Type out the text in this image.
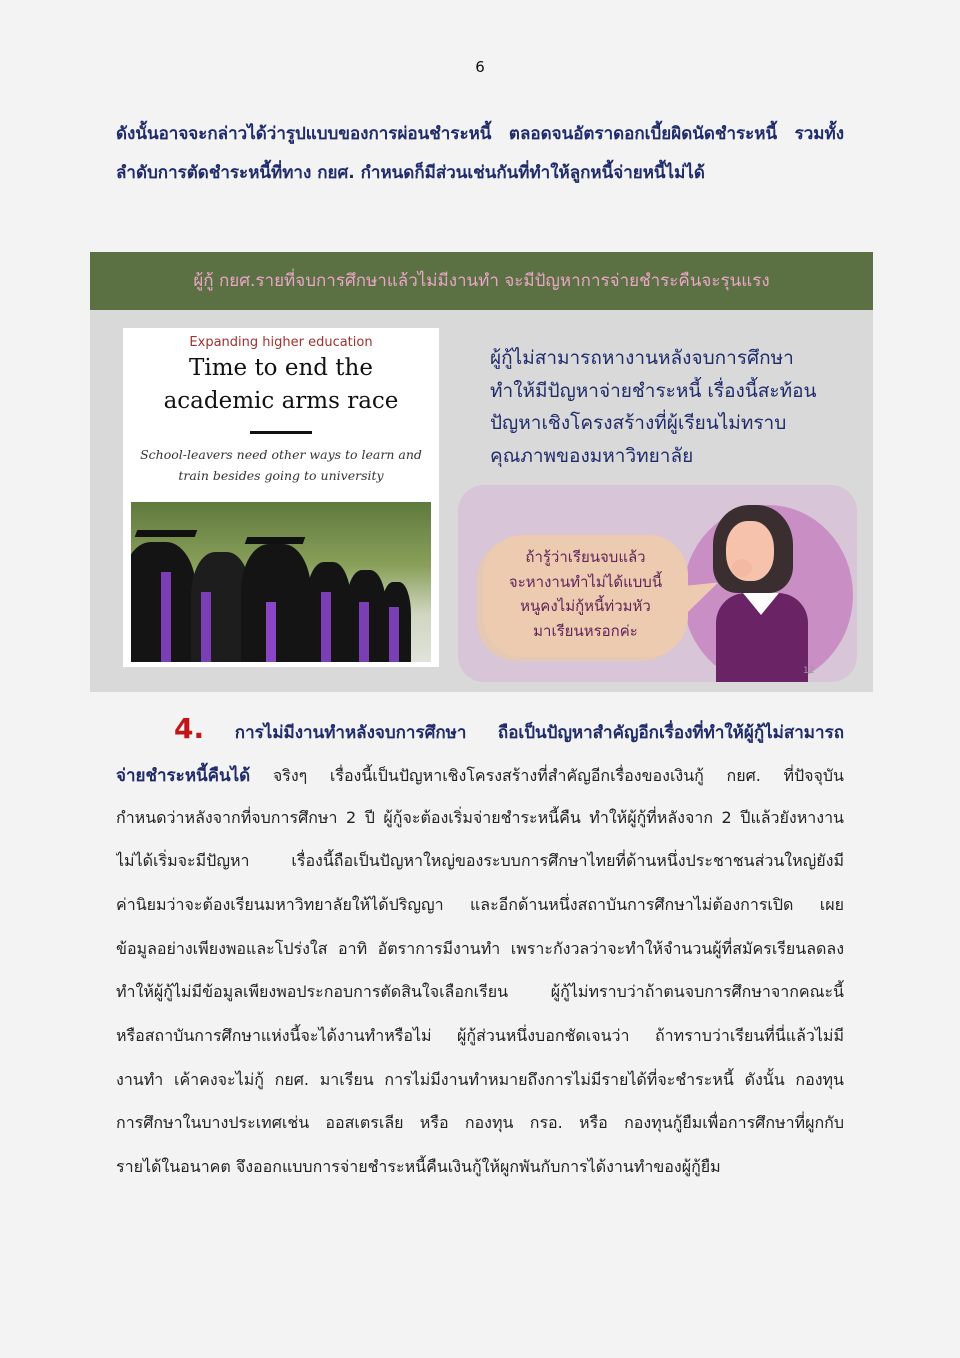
6
ดังนั้นอาจจะกล่าวได้ว่ารูปแบบของการผ่อนชำระหนี้ ตลอดจนอัตราดอกเบี้ยผิดนัดชำระหนี้ รวมทั้ง
ลำดับการตัดชำระหนี้ที่ทาง กยศ. กำหนดก็มีส่วนเช่นกันที่ทำให้ลูกหนี้จ่ายหนี้ไม่ได้
ผู้กู้ กยศ.รายที่จบการศึกษาแล้วไม่มีงานทำ จะมีปัญหาการจ่ายชำระคืนจะรุนแรง
Expanding higher education
Time to end the
academic arms race
School-leavers need other ways to learn and
train besides going to university
ผู้กู้ไม่สามารถหางานหลังจบการศึกษา
ทำให้มีปัญหาจ่ายชำระหนี้ เรื่องนี้สะท้อน
ปัญหาเชิงโครงสร้างที่ผู้เรียนไม่ทราบ
คุณภาพของมหาวิทยาลัย
ถ้ารู้ว่าเรียนจบแล้ว
จะหางานทำไม่ได้แบบนี้
หนูคงไม่กู้หนี้ท่วมหัว
มาเรียนหรอกค่ะ
12
4. การไม่มีงานทำหลังจบการศึกษา ถือเป็นปัญหาสำคัญอีกเรื่องที่ทำให้ผู้กู้ไม่สามารถ
จ่ายชำระหนี้คืนได้ จริงๆ เรื่องนี้เป็นปัญหาเชิงโครงสร้างที่สำคัญอีกเรื่องของเงินกู้ กยศ. ที่ปัจจุบัน
กำหนดว่าหลังจากที่จบการศึกษา 2 ปี ผู้กู้จะต้องเริ่มจ่ายชำระหนี้คืน ทำให้ผู้กู้ที่หลังจาก 2 ปีแล้วยังหางาน
ไม่ได้เริ่มจะมีปัญหา เรื่องนี้ถือเป็นปัญหาใหญ่ของระบบการศึกษาไทยที่ด้านหนึ่งประชาชนส่วนใหญ่ยังมี
ค่านิยมว่าจะต้องเรียนมหาวิทยาลัยให้ได้ปริญญา และอีกด้านหนึ่งสถาบันการศึกษาไม่ต้องการเปิด เผย
ข้อมูลอย่างเพียงพอและโปร่งใส อาทิ อัตราการมีงานทำ เพราะกังวลว่าจะทำให้จำนวนผู้ที่สมัครเรียนลดลง
ทำให้ผู้กู้ไม่มีข้อมูลเพียงพอประกอบการตัดสินใจเลือกเรียน ผู้กู้ไม่ทราบว่าถ้าตนจบการศึกษาจากคณะนี้
หรือสถาบันการศึกษาแห่งนี้จะได้งานทำหรือไม่ ผู้กู้ส่วนหนึ่งบอกชัดเจนว่า ถ้าทราบว่าเรียนที่นี่แล้วไม่มี
งานทำ เค้าคงจะไม่กู้ กยศ. มาเรียน การไม่มีงานทำหมายถึงการไม่มีรายได้ที่จะชำระหนี้ ดังนั้น กองทุน
การศึกษาในบางประเทศเช่น ออสเตรเลีย หรือ กองทุน กรอ. หรือ กองทุนกู้ยืมเพื่อการศึกษาที่ผูกกับ
รายได้ในอนาคต จึงออกแบบการจ่ายชำระหนี้คืนเงินกู้ให้ผูกพันกับการได้งานทำของผู้กู้ยืม
